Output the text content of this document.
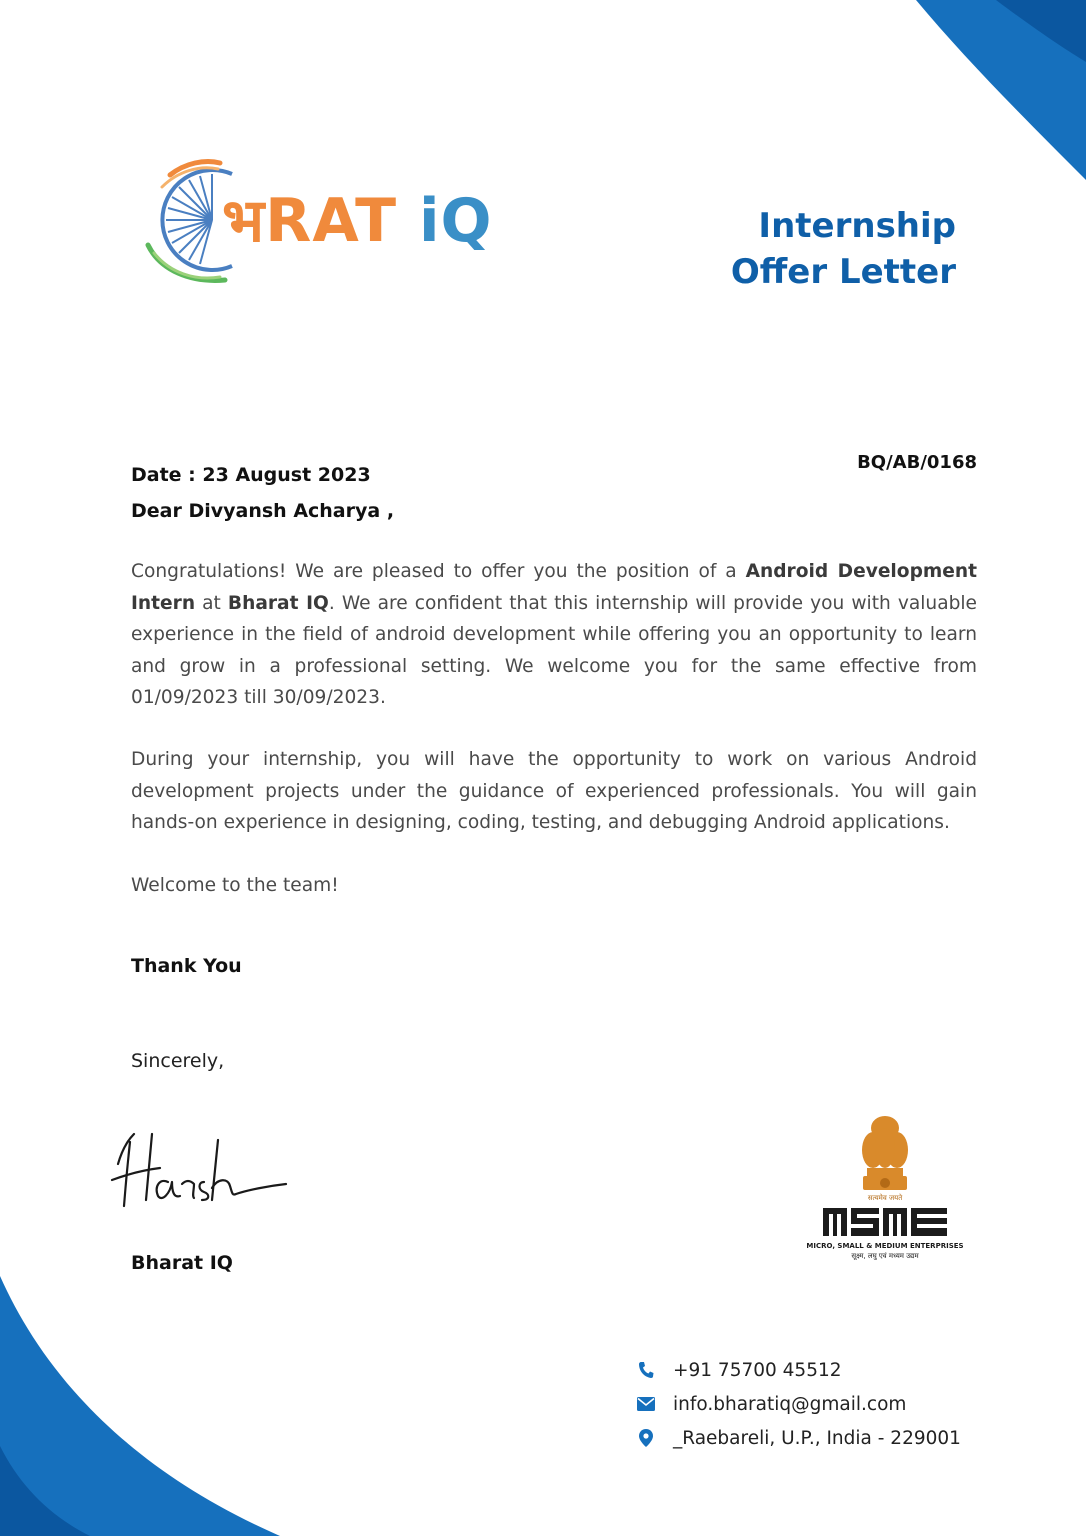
भRAT iQ	Internship
Offer Letter
BQ/AB/0168
Date : 23 August 2023
Dear Divyansh Acharya ,
Congratulations! We are pleased to offer you the position of a Android Development Intern at Bharat IQ. We are confident that this internship will provide you with valuable experience in the field of android development while offering you an opportunity to learn and grow in a professional setting. We welcome you for the same effective from 01/09/2023 till 30/09/2023.
During your internship, you will have the opportunity to work on various Android development projects under the guidance of experienced professionals. You will gain hands-on experience in designing, coding, testing, and debugging Android applications.
Welcome to the team!
Thank You
Sincerely,
Bharat IQ
सत्यमेव जयते
MICRO, SMALL & MEDIUM ENTERPRISES
सूक्ष्म, लघु एवं मध्यम उद्यम
+91 75700 45512
info.bharatiq@gmail.com
_Raebareli, U.P., India - 229001
